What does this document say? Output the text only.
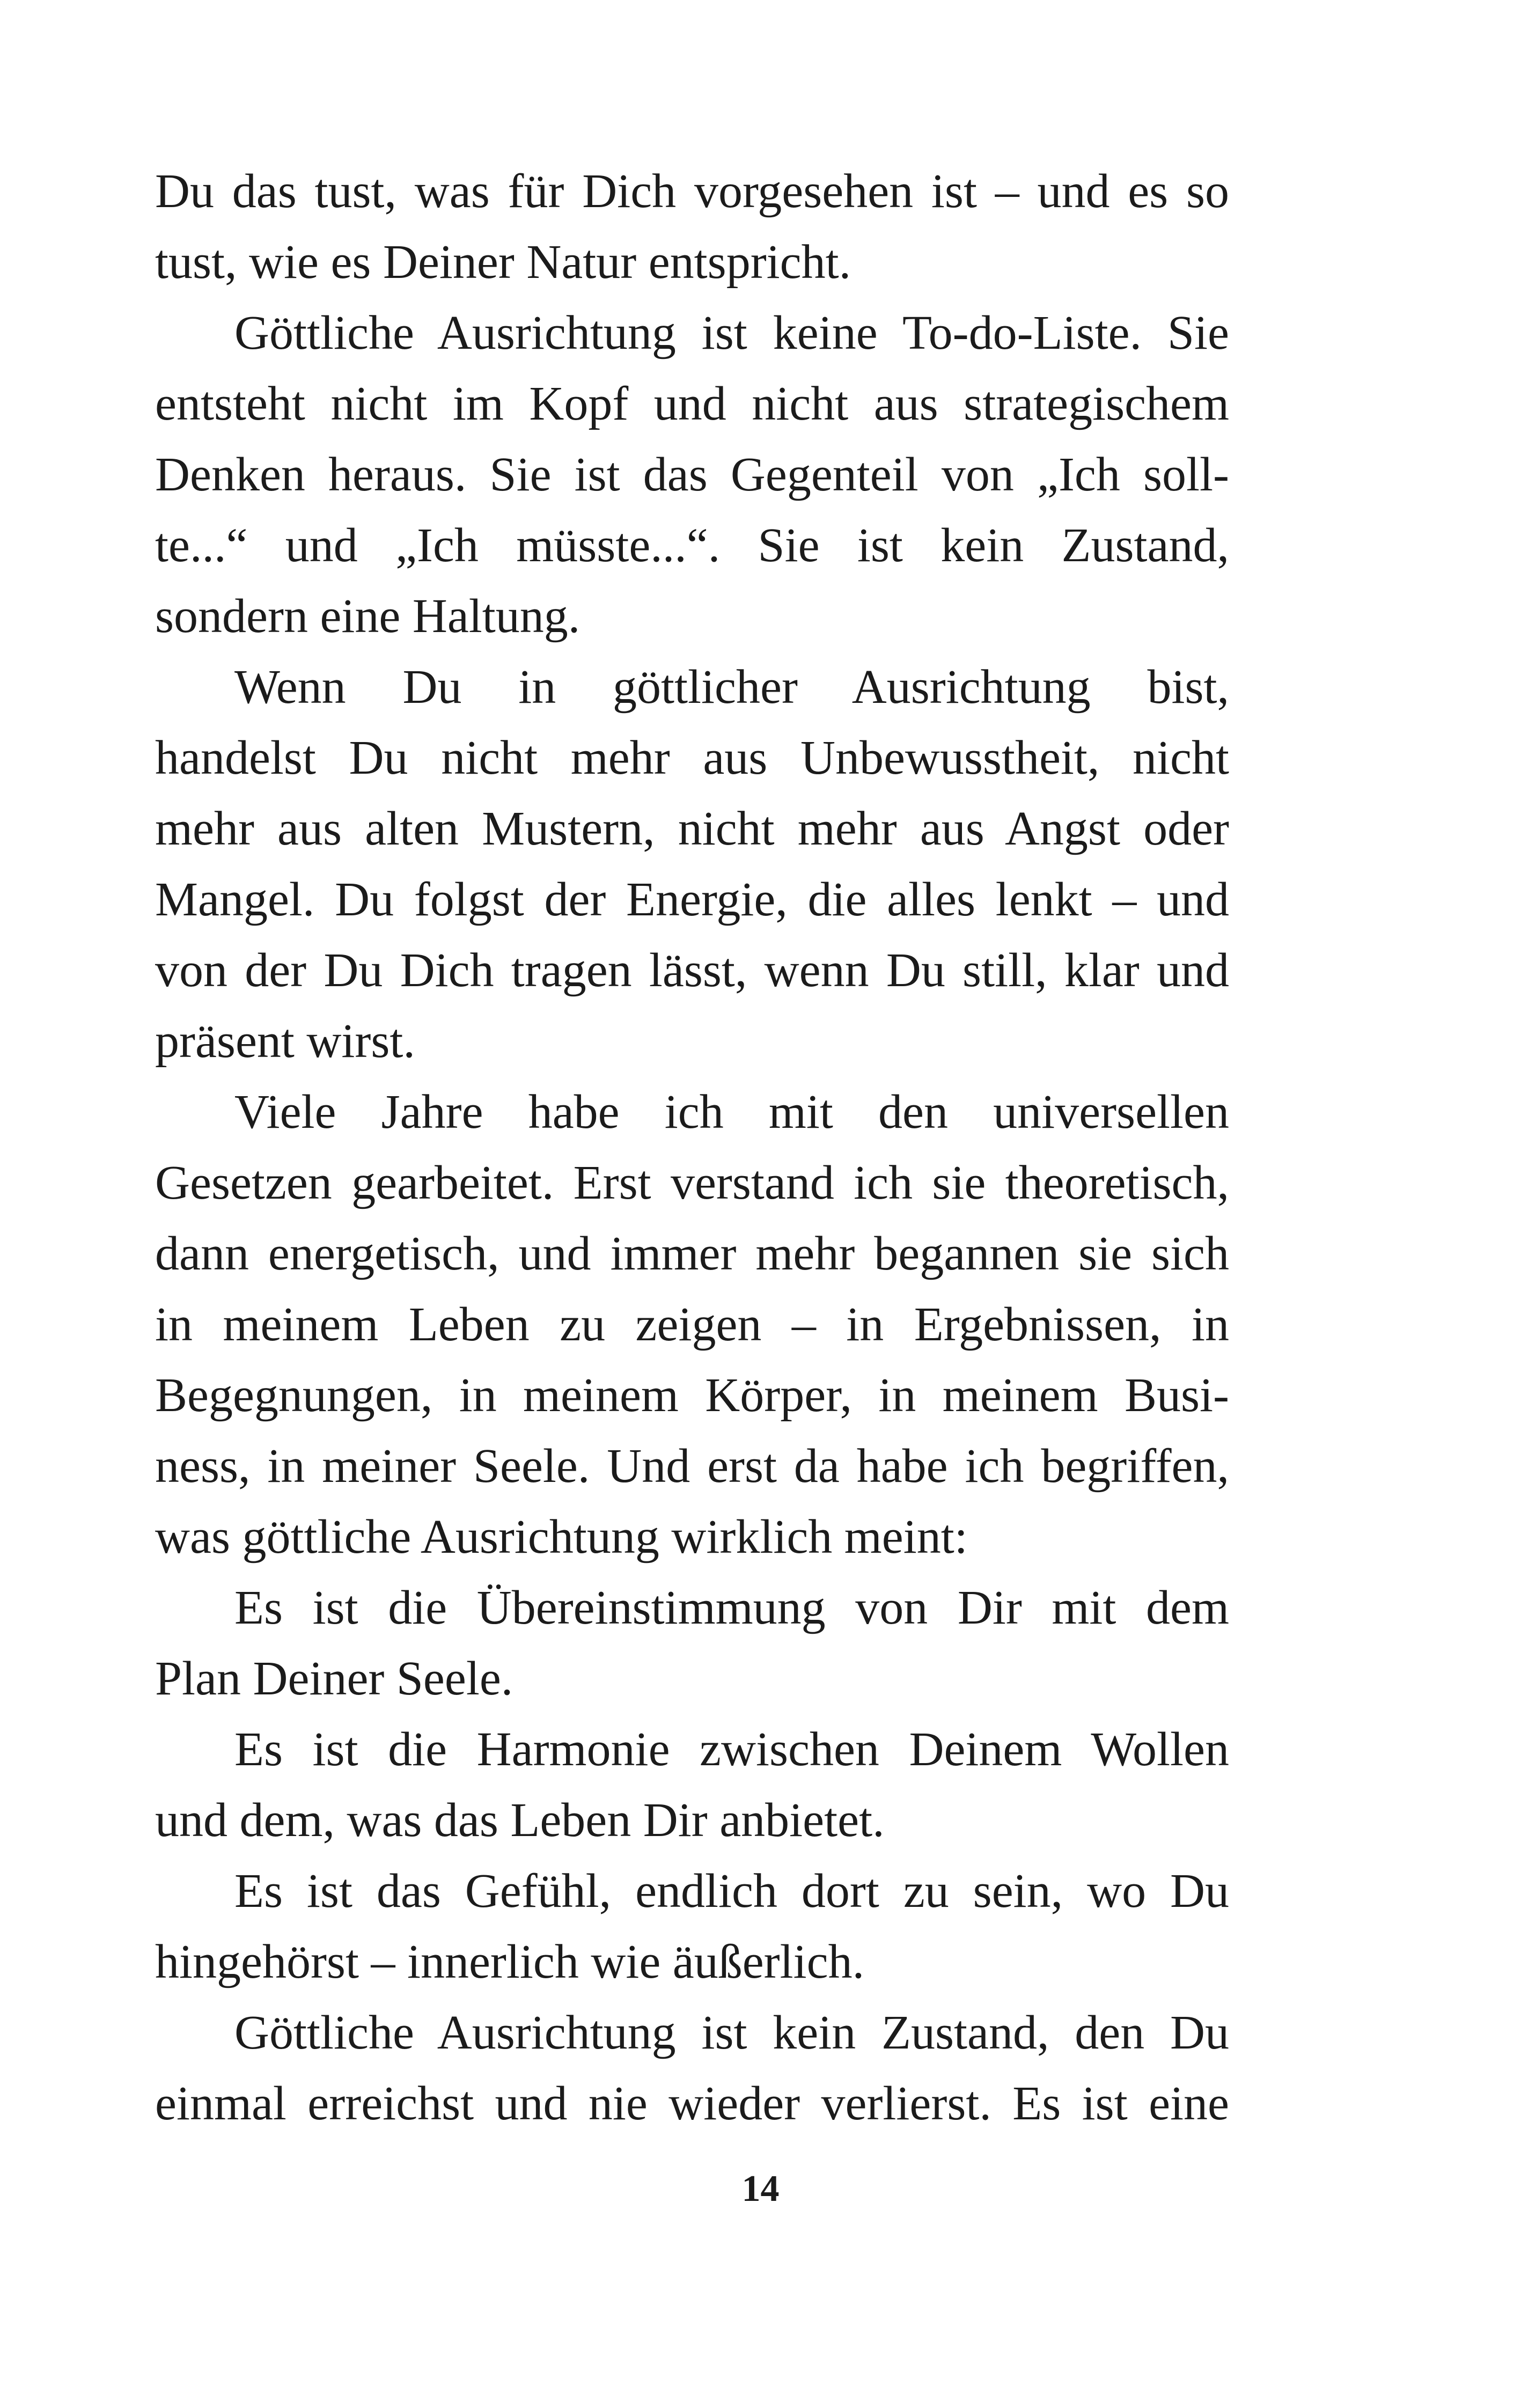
Du das tust, was für Dich vorgesehen ist – und es so
tust, wie es Deiner Natur entspricht.
Göttliche Ausrichtung ist keine To-do-Liste. Sie
entsteht nicht im Kopf und nicht aus strategischem
Denken heraus. Sie ist das Gegenteil von „Ich soll-
te...“ und „Ich müsste...“. Sie ist kein Zustand,
sondern eine Haltung.
Wenn Du in göttlicher Ausrichtung bist,
handelst Du nicht mehr aus Unbewusstheit, nicht
mehr aus alten Mustern, nicht mehr aus Angst oder
Mangel. Du folgst der Energie, die alles lenkt – und
von der Du Dich tragen lässt, wenn Du still, klar und
präsent wirst.
Viele Jahre habe ich mit den universellen
Gesetzen gearbeitet. Erst verstand ich sie theoretisch,
dann energetisch, und immer mehr begannen sie sich
in meinem Leben zu zeigen – in Ergebnissen, in
Begegnungen, in meinem Körper, in meinem Busi-
ness, in meiner Seele. Und erst da habe ich begriffen,
was göttliche Ausrichtung wirklich meint:
Es ist die Übereinstimmung von Dir mit dem
Plan Deiner Seele.
Es ist die Harmonie zwischen Deinem Wollen
und dem, was das Leben Dir anbietet.
Es ist das Gefühl, endlich dort zu sein, wo Du
hingehörst – innerlich wie äußerlich.
Göttliche Ausrichtung ist kein Zustand, den Du
einmal erreichst und nie wieder verlierst. Es ist eine
14
